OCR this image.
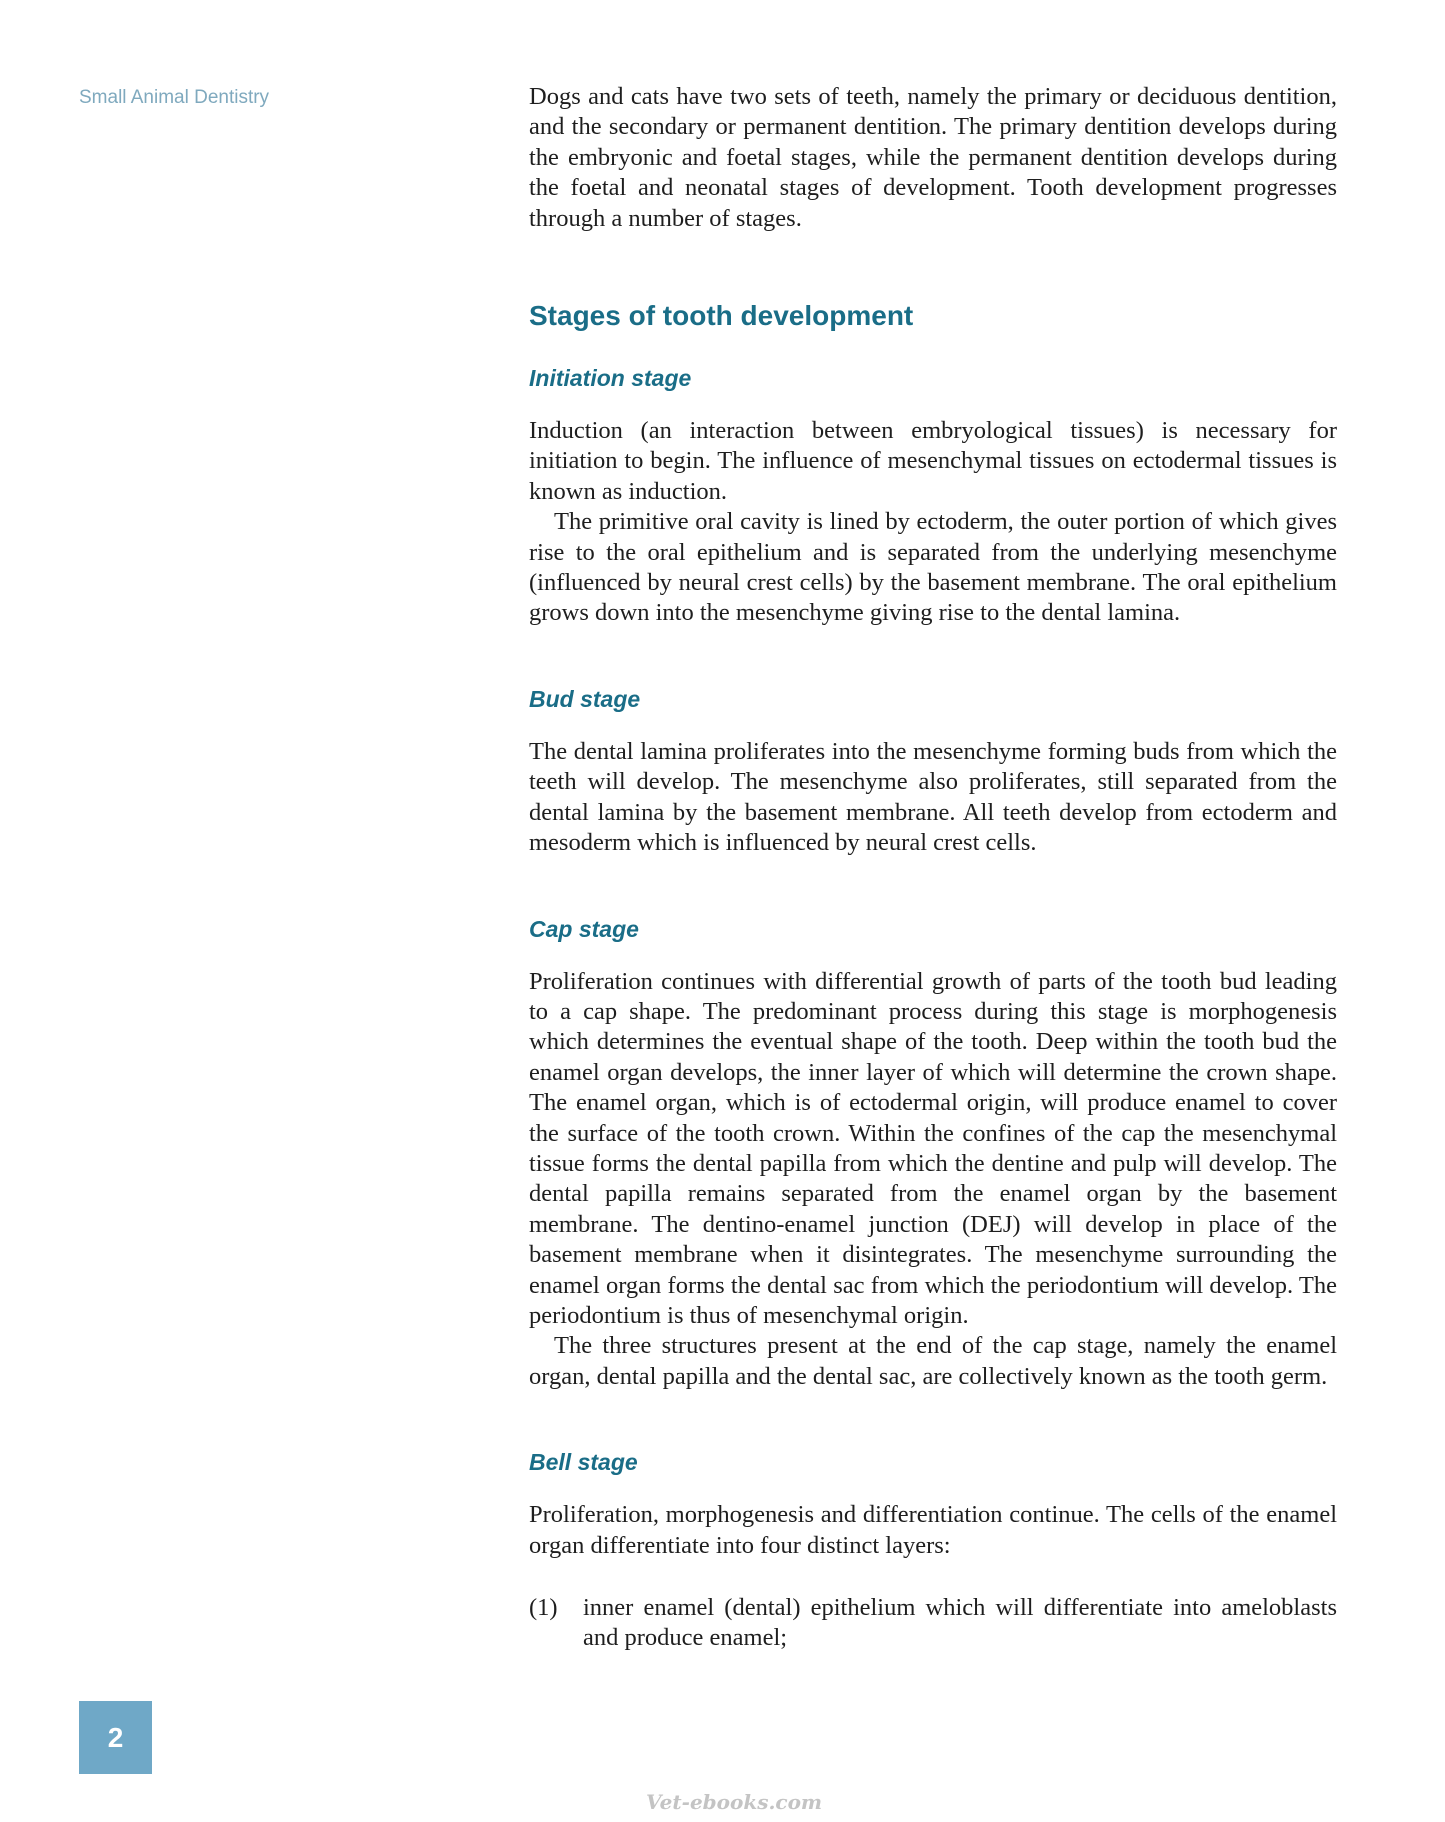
Small Animal Dentistry	Dogs and cats have two sets of teeth, namely the primary or deciduous dentition, and the secondary or permanent dentition. The primary dentition develops during the embryonic and foetal stages, while the permanent dentition develops during the foetal and neonatal stages of development. Tooth development progresses through a number of stages.

Stages of tooth development
Initiation stage

Induction (an interaction between embryological tissues) is necessary for initiation to begin. The influence of mesenchymal tissues on ectodermal tissues is known as induction.

The primitive oral cavity is lined by ectoderm, the outer portion of which gives rise to the oral epithelium and is separated from the underlying mesenchyme (influenced by neural crest cells) by the basement membrane. The oral epithelium grows down into the mesenchyme giving rise to the dental lamina.

Bud stage

The dental lamina proliferates into the mesenchyme forming buds from which the teeth will develop. The mesenchyme also proliferates, still separated from the dental lamina by the basement membrane. All teeth develop from ectoderm and mesoderm which is influenced by neural crest cells.

Cap stage

Proliferation continues with differential growth of parts of the tooth bud leading to a cap shape. The predominant process during this stage is morphogenesis which determines the eventual shape of the tooth. Deep within the tooth bud the enamel organ develops, the inner layer of which will determine the crown shape. The enamel organ, which is of ectodermal origin, will produce enamel to cover the surface of the tooth crown. Within the confines of the cap the mesenchymal tissue forms the dental papilla from which the dentine and pulp will develop. The dental papilla remains separated from the enamel organ by the basement membrane. The dentino-enamel junction (DEJ) will develop in place of the basement membrane when it disintegrates. The mesenchyme surrounding the enamel organ forms the dental sac from which the periodontium will develop. The periodontium is thus of mesenchymal origin.

The three structures present at the end of the cap stage, namely the enamel organ, dental papilla and the dental sac, are collectively known as the tooth germ.

Bell stage

Proliferation, morphogenesis and differentiation continue. The cells of the enamel organ differentiate into four distinct layers:

(1)	inner enamel (dental) epithelium which will differentiate into ameloblasts and produce enamel;
2
Vet-ebooks.com
